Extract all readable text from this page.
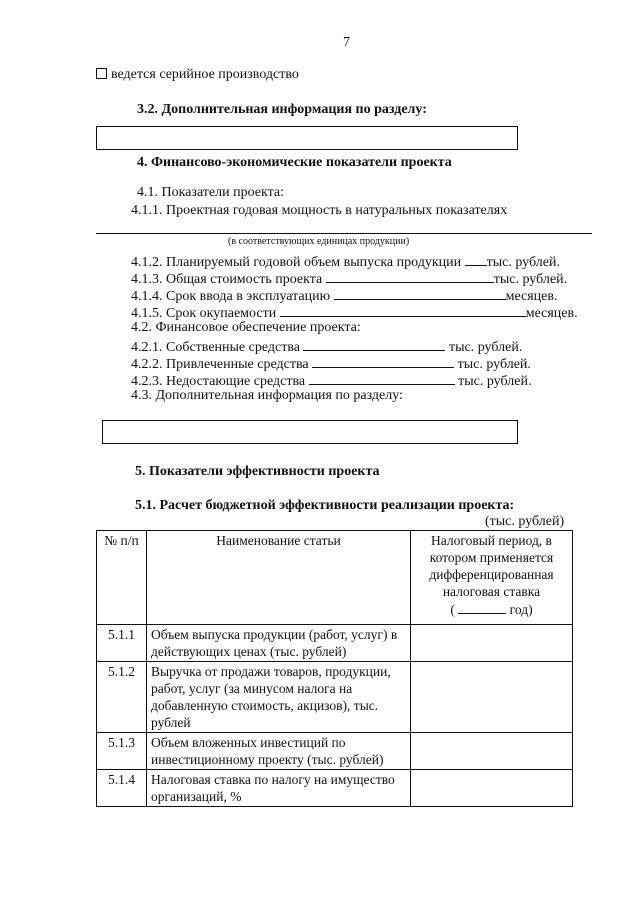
7
ведется серийное производство
3.2. Дополнительная информация по разделу:
4. Финансово-экономические показатели проекта
4.1. Показатели проекта:
4.1.1. Проектная годовая мощность в натуральных показателях
(в соответствующих единицах продукции)
4.1.2. Планируемый годовой объем выпуска продукции тыс. рублей.
4.1.3. Общая стоимость проекта	тыс. рублей.
4.1.4. Срок ввода в эксплуатацию	месяцев.
4.1.5. Срок окупаемости	месяцев.
4.2. Финансовое обеспечение проекта:
4.2.1. Собственные средства	тыс. рублей.
4.2.2. Привлеченные средства	тыс. рублей.
4.2.3. Недостающие средства	тыс. рублей.
4.3. Дополнительная информация по разделу:
5. Показатели эффективности проекта
5.1. Расчет бюджетной эффективности реализации проекта:
(тыс. рублей)
№ п/п	Наименование статьи	Налоговый период, в котором применяется дифференцированная налоговая ставка
( год)

5.1.1	Объем выпуска продукции (работ, услуг) в действующих ценах (тыс. рублей)	
5.1.2	Выручка от продажи товаров, продукции, работ, услуг (за минусом налога на добавленную стоимость, акцизов), тыс. рублей	
5.1.3	Объем вложенных инвестиций по инвестиционному проекту (тыс. рублей)	
5.1.4	Налоговая ставка по налогу на имущество организаций, %	
